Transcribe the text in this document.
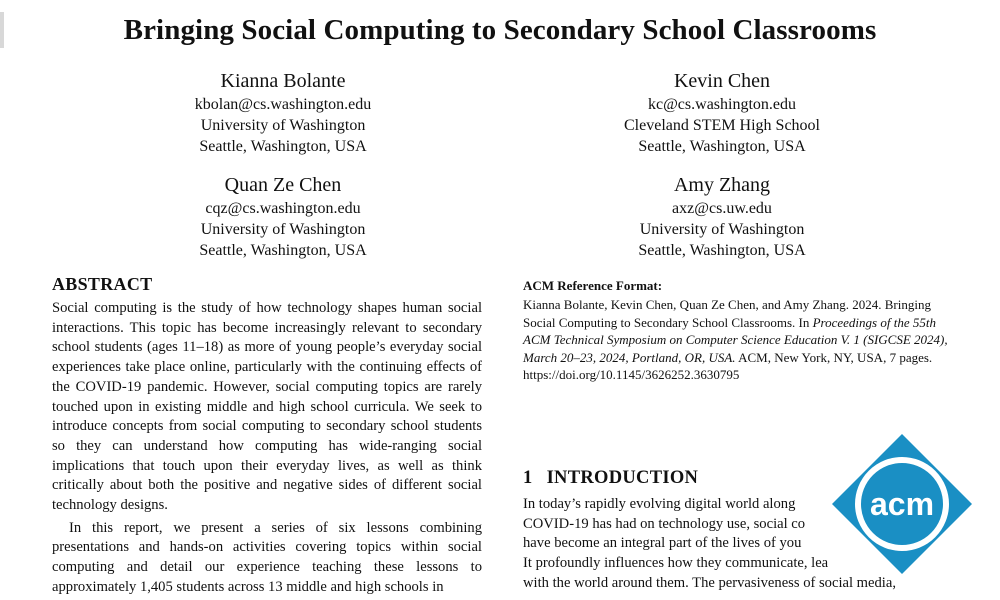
Bringing Social Computing to Secondary School Classrooms
Kianna Bolante
kbolan@cs.washington.edu
University of Washington
Seattle, Washington, USA
Kevin Chen
kc@cs.washington.edu
Cleveland STEM High School
Seattle, Washington, USA
Quan Ze Chen
cqz@cs.washington.edu
University of Washington
Seattle, Washington, USA
Amy Zhang
axz@cs.uw.edu
University of Washington
Seattle, Washington, USA
ABSTRACT

Social computing is the study of how technology shapes human social interactions. This topic has become increasingly relevant to secondary school students (ages 11–18) as more of young people’s everyday social experiences take place online, particularly with the continuing effects of the COVID-19 pandemic. However, social computing topics are rarely touched upon in existing middle and high school curricula. We seek to introduce concepts from social computing to secondary school students so they can understand how computing has wide-ranging social implications that touch upon their everyday lives, as well as think critically about both the positive and negative sides of different social technology designs.

In this report, we present a series of six lessons combining presentations and hands-on activities covering topics within social computing and detail our experience teaching these lessons to approximately 1,405 students across 13 middle and high schools in

ACM Reference Format:

Kianna Bolante, Kevin Chen, Quan Ze Chen, and Amy Zhang. 2024. Bringing Social Computing to Secondary School Classrooms. In Proceedings of the 55th ACM Technical Symposium on Computer Science Education V. 1 (SIGCSE 2024), March 20–23, 2024, Portland, OR, USA. ACM, New York, NY, USA, 7 pages. https://doi.org/10.1145/3626252.3630795

1 INTRODUCTION
In today’s rapidly evolving digital world along
COVID-19 has had on technology use, social co
have become an integral part of the lives of you
It profoundly influences how they communicate, lea
with the world around them. The pervasiveness of social media,
acm
